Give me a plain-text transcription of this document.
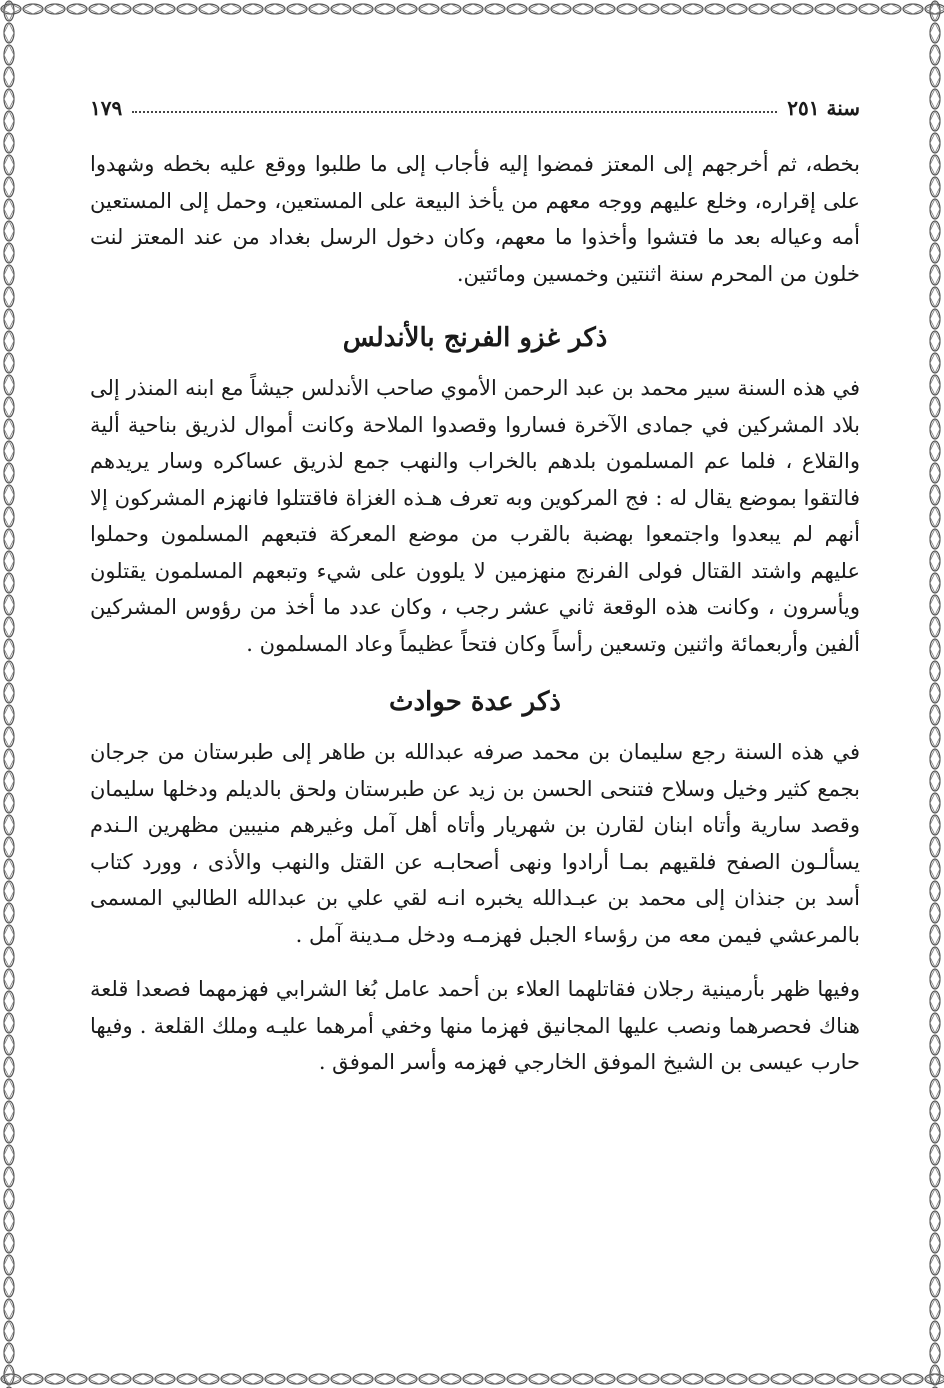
سنة ٢٥١
١٧٩

بخطه، ثم أخرجهم إلى المعتز فمضوا إليه فأجاب إلى ما طلبوا ووقع عليه بخطه وشهدوا على إقراره، وخلع عليهم ووجه معهم من يأخذ البيعة على المستعين، وحمل إلى المستعين أمه وعياله بعد ما فتشوا وأخذوا ما معهم، وكان دخول الرسل بغداد من عند المعتز لنت خلون من المحرم سنة اثنتين وخمسين ومائتين.

ذكر غزو الفرنج بالأندلس

في هذه السنة سير محمد بن عبد الرحمن الأموي صاحب الأندلس جيشاً مع ابنه المنذر إلى بلاد المشركين في جمادى الآخرة فساروا وقصدوا الملاحة وكانت أموال لذريق بناحية ألية والقلاع ، فلما عم المسلمون بلدهم بالخراب والنهب جمع لذريق عساكره وسار يريدهم فالتقوا بموضع يقال له : فج المركوين وبه تعرف هـذه الغزاة فاقتتلوا فانهزم المشركون إلا أنهم لم يبعدوا واجتمعوا بهضبة بالقرب من موضع المعركة فتبعهم المسلمون وحملوا عليهم واشتد القتال فولى الفرنج منهزمين لا يلوون على شيء وتبعهم المسلمون يقتلون ويأسرون ، وكانت هذه الوقعة ثاني عشر رجب ، وكان عدد ما أخذ من رؤوس المشركين ألفين وأربعمائة واثنين وتسعين رأساً وكان فتحاً عظيماً وعاد المسلمون .

ذكر عدة حوادث

في هذه السنة رجع سليمان بن محمد صرفه عبدالله بن طاهر إلى طبرستان من جرجان بجمع كثير وخيل وسلاح فتنحى الحسن بن زيد عن طبرستان ولحق بالديلم ودخلها سليمان وقصد سارية وأتاه ابنان لقارن بن شهريار وأتاه أهل آمل وغيرهم منيبين مظهرين الـندم يسألـون الصفح فلقيهم بمـا أرادوا ونهى أصحابـه عن القتل والنهب والأذى ، وورد كتاب أسد بن جنذان إلى محمد بن عبـدالله يخبره انـه لقي علي بن عبدالله الطالبي المسمى بالمرعشي فيمن معه من رؤساء الجبل فهزمـه ودخل مـدينة آمل .

وفيها ظهر بأرمينية رجلان فقاتلهما العلاء بن أحمد عامل بُغا الشرابي فهزمهما فصعدا قلعة هناك فحصرهما ونصب عليها المجانيق فهزما منها وخفي أمرهما عليـه وملك القلعة . وفيها حارب عيسى بن الشيخ الموفق الخارجي فهزمه وأسر الموفق .
